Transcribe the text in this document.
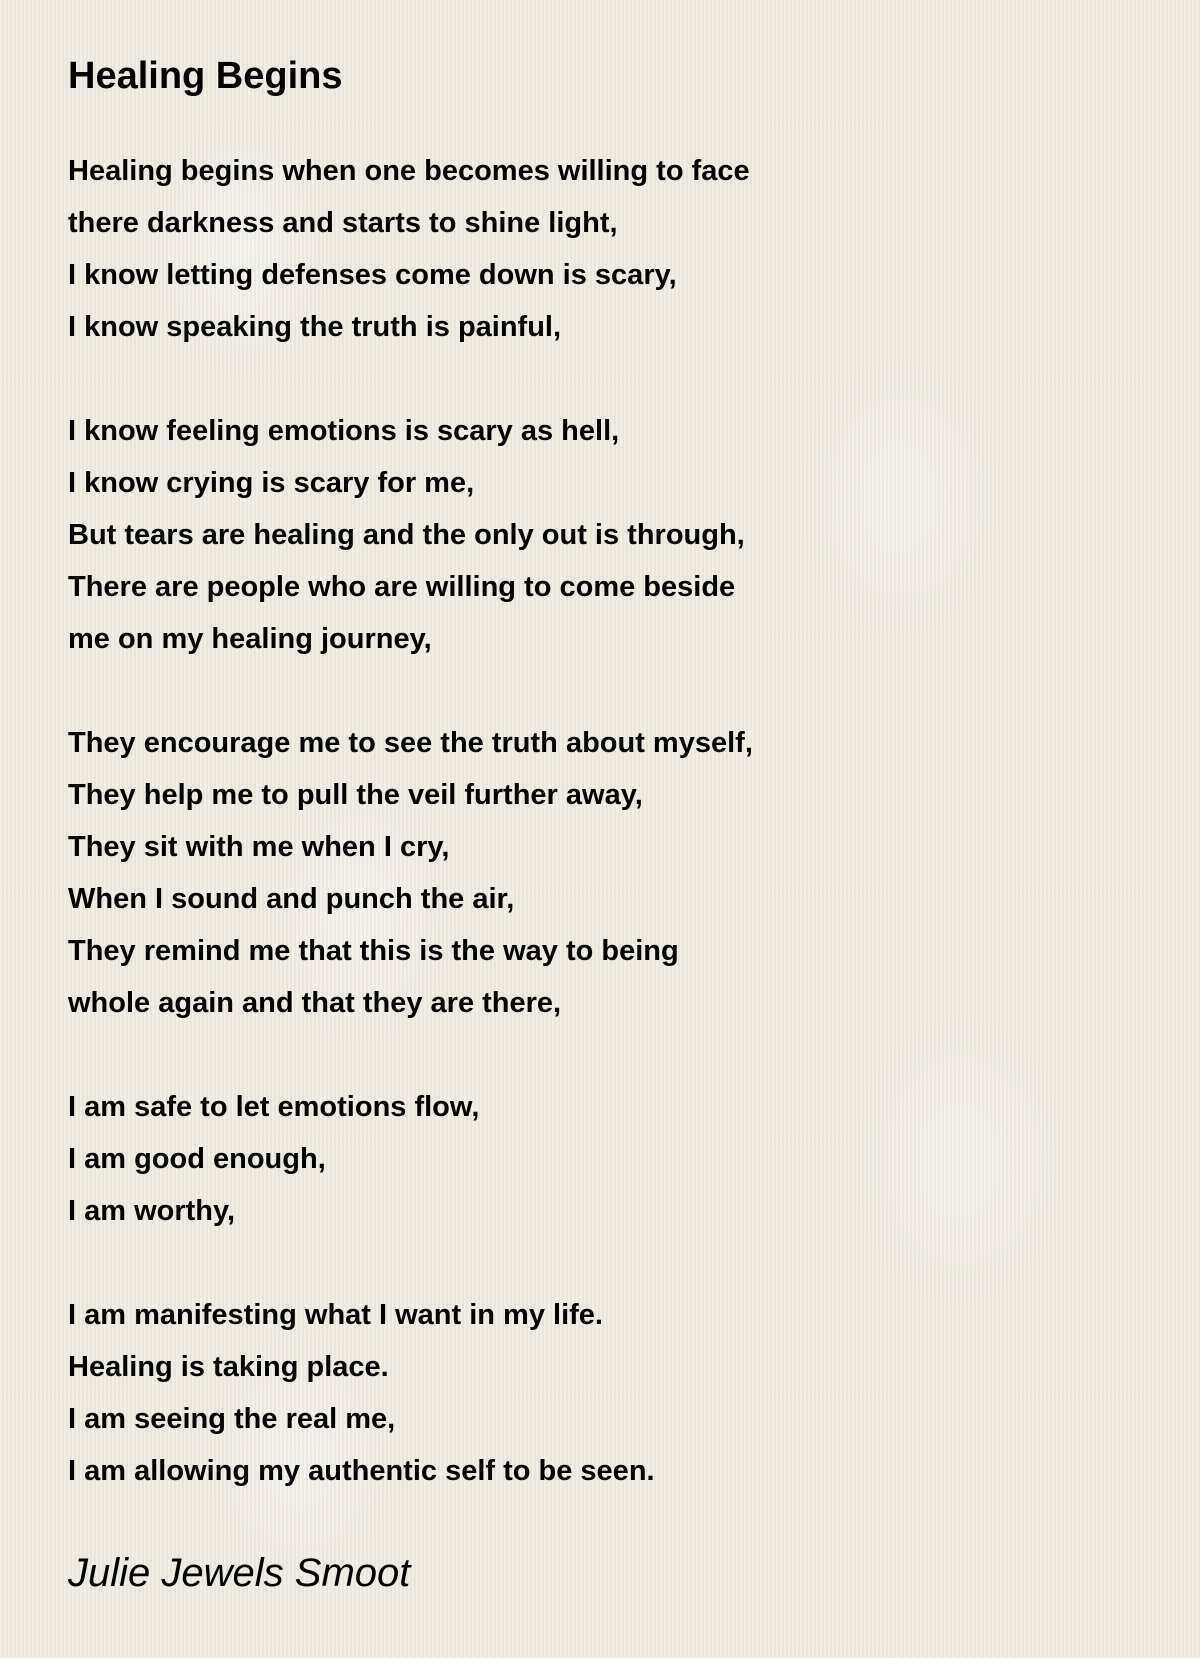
Healing Begins
Healing begins when one becomes willing to face
there darkness and starts to shine light,
I know letting defenses come down is scary,
I know speaking the truth is painful,
I know feeling emotions is scary as hell,
I know crying is scary for me,
But tears are healing and the only out is through,
There are people who are willing to come beside
me on my healing journey,
They encourage me to see the truth about myself,
They help me to pull the veil further away,
They sit with me when I cry,
When I sound and punch the air,
They remind me that this is the way to being
whole again and that they are there,
I am safe to let emotions flow,
I am good enough,
I am worthy,
I am manifesting what I want in my life.
Healing is taking place.
I am seeing the real me,
I am allowing my authentic self to be seen.
Julie Jewels Smoot
